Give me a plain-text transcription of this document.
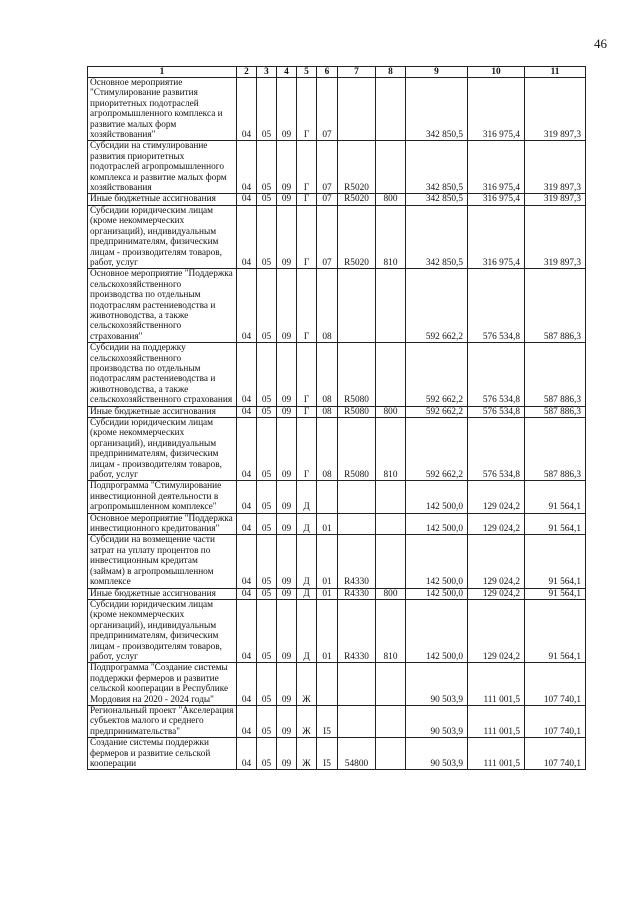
46
1	2	3	4	5	6	7	8	9	10	11
Основное мероприятие "Стимулирование развития приоритетных подотраслей агропромышленного комплекса и развитие малых форм хозяйствования"	04	05	09	Г	07			342 850,5	316 975,4	319 897,3
Субсидии на стимулирование развития приоритетных подотраслей агропромышленного комплекса и развитие малых форм хозяйствования	04	05	09	Г	07	R5020		342 850,5	316 975,4	319 897,3
Иные бюджетные ассигнования	04	05	09	Г	07	R5020	800	342 850,5	316 975,4	319 897,3
Субсидии юридическим лицам (кроме некоммерческих организаций), индивидуальным предпринимателям, физическим лицам - производителям товаров, работ, услуг	04	05	09	Г	07	R5020	810	342 850,5	316 975,4	319 897,3
Основное мероприятие "Поддержка сельскохозяйственного производства по отдельным подотраслям растениеводства и животноводства, а также сельскохозяйственного страхования"	04	05	09	Г	08			592 662,2	576 534,8	587 886,3
Субсидии на поддержку сельскохозяйственного производства по отдельным подотраслям растениеводства и животноводства, а также сельскохозяйственного страхования	04	05	09	Г	08	R5080		592 662,2	576 534,8	587 886,3
Иные бюджетные ассигнования	04	05	09	Г	08	R5080	800	592 662,2	576 534,8	587 886,3
Субсидии юридическим лицам (кроме некоммерческих организаций), индивидуальным предпринимателям, физическим лицам - производителям товаров, работ, услуг	04	05	09	Г	08	R5080	810	592 662,2	576 534,8	587 886,3
Подпрограмма "Стимулирование инвестиционной деятельности в агропромышленном комплексе"	04	05	09	Д				142 500,0	129 024,2	91 564,1
Основное мероприятие "Поддержка инвестиционного кредитования"	04	05	09	Д	01			142 500,0	129 024,2	91 564,1
Субсидии на возмещение части затрат на уплату процентов по инвестиционным кредитам (займам) в агропромышленном комплексе	04	05	09	Д	01	R4330		142 500,0	129 024,2	91 564,1
Иные бюджетные ассигнования	04	05	09	Д	01	R4330	800	142 500,0	129 024,2	91 564,1
Субсидии юридическим лицам (кроме некоммерческих организаций), индивидуальным предпринимателям, физическим лицам - производителям товаров, работ, услуг	04	05	09	Д	01	R4330	810	142 500,0	129 024,2	91 564,1
Подпрограмма "Создание системы поддержки фермеров и развитие сельской кооперации в Республике Мордовия на 2020 - 2024 годы"	04	05	09	Ж				90 503,9	111 001,5	107 740,1
Региональный проект "Акселерация субъектов малого и среднего предпринимательства"	04	05	09	Ж	I5			90 503,9	111 001,5	107 740,1
Создание системы поддержки фермеров и развитие сельской кооперации	04	05	09	Ж	I5	54800		90 503,9	111 001,5	107 740,1
